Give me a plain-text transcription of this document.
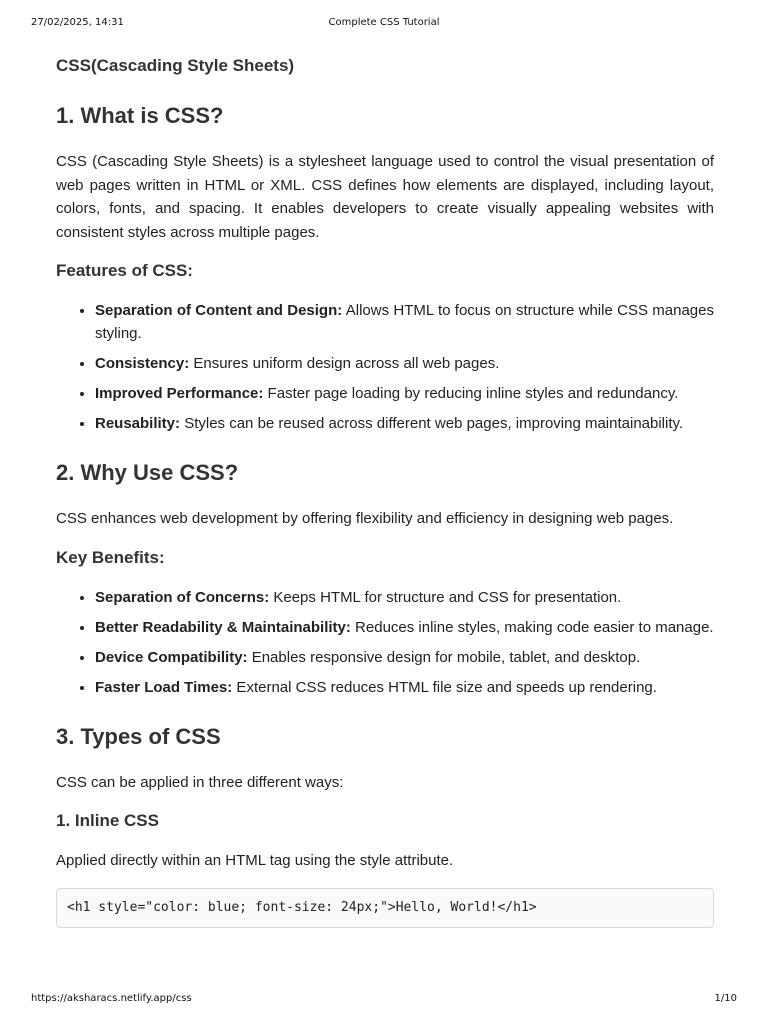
27/02/2025, 14:31	Complete CSS Tutorial
CSS(Cascading Style Sheets)
1. What is CSS?

CSS (Cascading Style Sheets) is a stylesheet language used to control the visual presentation of web pages written in HTML or XML. CSS defines how elements are displayed, including layout, colors, fonts, and spacing. It enables developers to create visually appealing websites with consistent styles across multiple pages.

Features of CSS:
• Separation of Content and Design: Allows HTML to focus on structure while CSS manages styling.
• Consistency: Ensures uniform design across all web pages.
• Improved Performance: Faster page loading by reducing inline styles and redundancy.
• Reusability: Styles can be reused across different web pages, improving maintainability.
2. Why Use CSS?

CSS enhances web development by offering flexibility and efficiency in designing web pages.

Key Benefits:
• Separation of Concerns: Keeps HTML for structure and CSS for presentation.
• Better Readability & Maintainability: Reduces inline styles, making code easier to manage.
• Device Compatibility: Enables responsive design for mobile, tablet, and desktop.
• Faster Load Times: External CSS reduces HTML file size and speeds up rendering.
3. Types of CSS

CSS can be applied in three different ways:

1. Inline CSS

Applied directly within an HTML tag using the style attribute.

<h1 style="color: blue; font-size: 24px;">Hello, World!</h1>
https://aksharacs.netlify.app/css	1/10
